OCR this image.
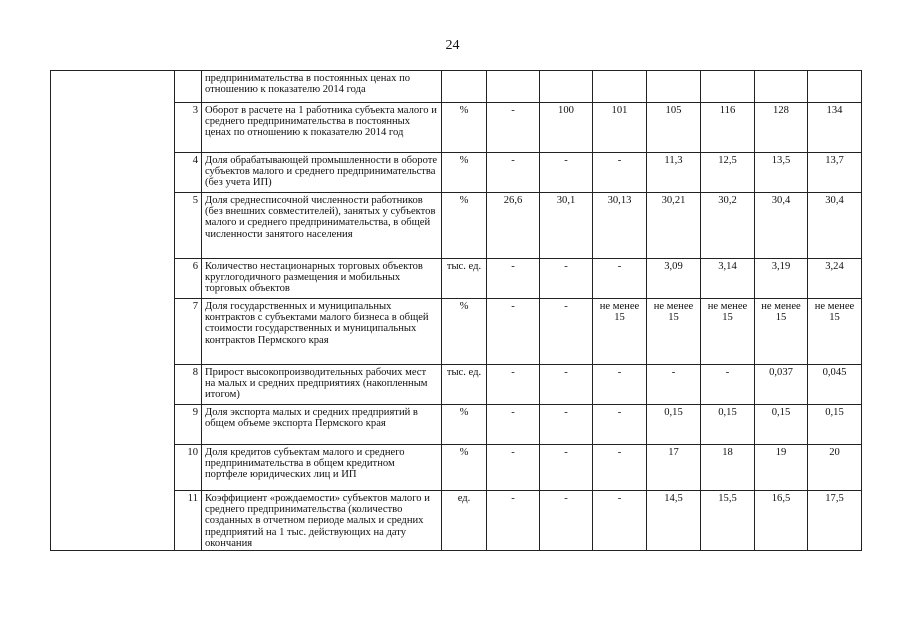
24
		предпринимательства в постоянных ценах по отношению к показателю 2014 года								
	3	Оборот в расчете на 1 работника субъекта малого и среднего предпринимательства в постоянных ценах по отношению к показателю 2014 год	%	-	100	101	105	116	128	134
	4	Доля обрабатывающей промышленности в обороте субъектов малого и среднего предпринимательства (без учета ИП)	%	-	-	-	11,3	12,5	13,5	13,7
	5	Доля среднесписочной численности работников (без внешних совместителей), занятых у субъектов малого и среднего предпринимательства, в общей численности занятого населения	%	26,6	30,1	30,13	30,21	30,2	30,4	30,4
	6	Количество нестационарных торговых объектов круглогодичного размещения и мобильных торговых объектов	тыс. ед.	-	-	-	3,09	3,14	3,19	3,24
	7	Доля государственных и муниципальных контрактов с субъектами малого бизнеса в общей стоимости государственных и муниципальных контрактов Пермского края	%	-	-	не менее 15	не менее 15	не менее 15	не менее 15	не менее 15
	8	Прирост высокопроизводительных рабочих мест на малых и средних предприятиях (накопленным итогом)	тыс. ед.	-	-	-	-	-	0,037	0,045
	9	Доля экспорта малых и средних предприятий в общем объеме экспорта Пермского края	%	-	-	-	0,15	0,15	0,15	0,15
	10	Доля кредитов субъектам малого и среднего предпринимательства в общем кредитном портфеле юридических лиц и ИП	%	-	-	-	17	18	19	20
	11	Коэффициент «рождаемости» субъектов малого и среднего предпринимательства (количество созданных в отчетном периоде малых и средних предприятий на 1 тыс. действующих на дату окончания	ед.	-	-	-	14,5	15,5	16,5	17,5
